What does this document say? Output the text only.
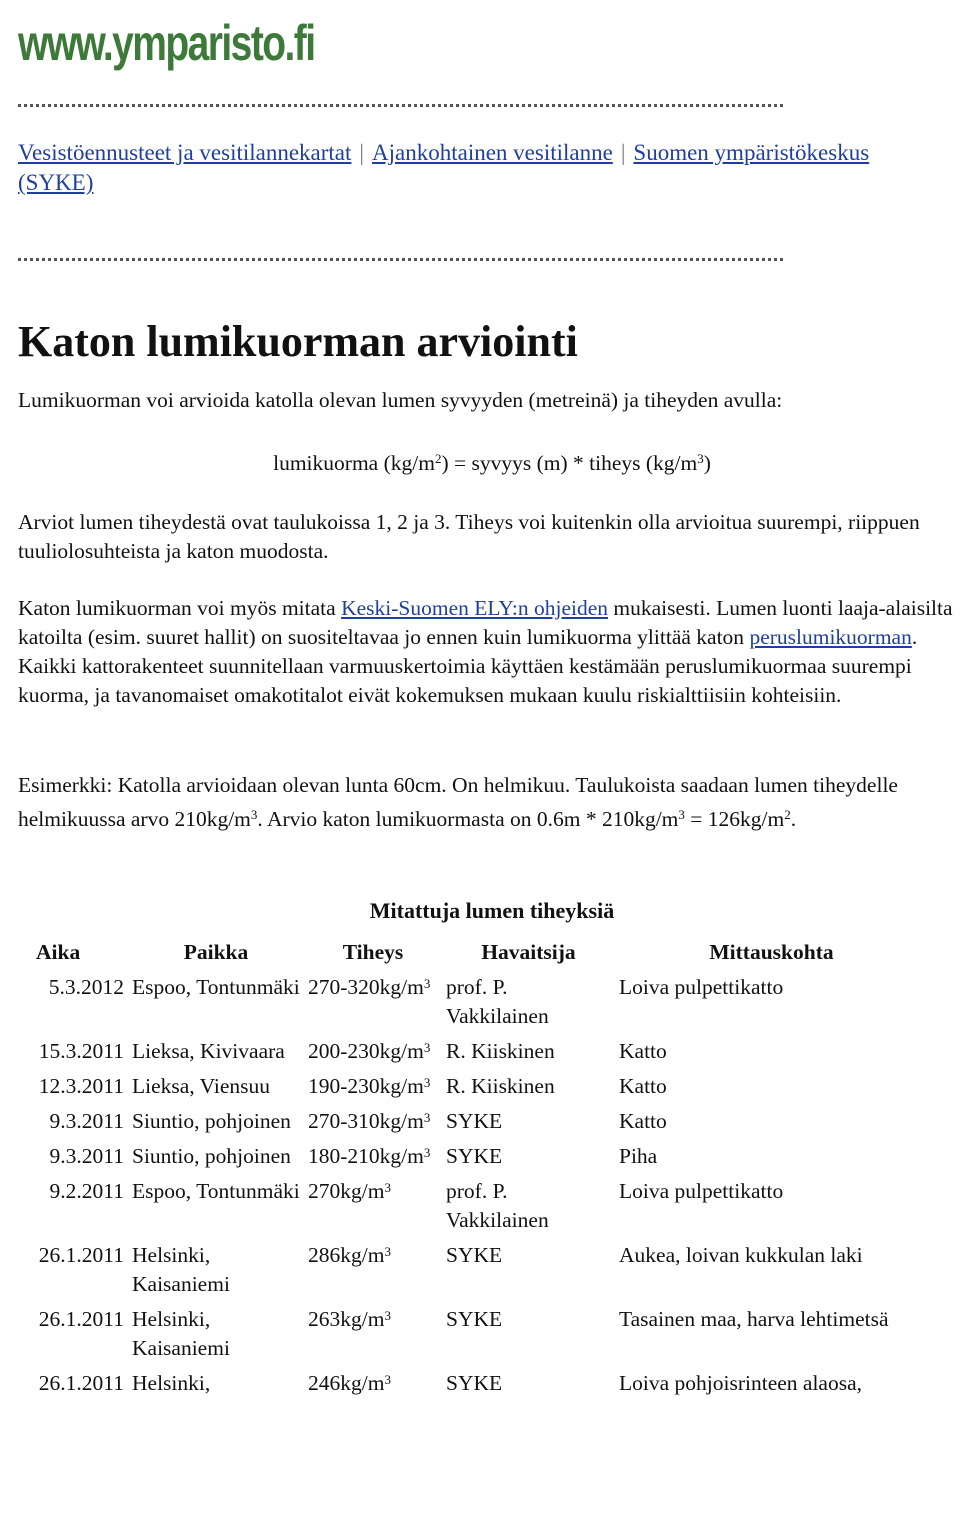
www.ymparisto.fi
Vesistöennusteet ja vesitilannekartat | Ajankohtainen vesitilanne | Suomen ympäristökeskus (SYKE)
Katon lumikuorman arviointi

Lumikuorman voi arvioida katolla olevan lumen syvyyden (metreinä) ja tiheyden avulla:

lumikuorma $(kg/m^2)$ = syvyys (m) * tiheys $(kg/m^3)$

Arviot lumen tiheydestä ovat taulukoissa 1, 2 ja 3. Tiheys voi kuitenkin olla arvioitua suurempi, riippuen tuuliolosuhteista ja katon muodosta.

Katon lumikuorman voi myös mitata Keski-Suomen ELY:n ohjeiden mukaisesti. Lumen luonti laaja-alaisilta katoilta (esim. suuret hallit) on suositeltavaa jo ennen kuin lumikuorma ylittää katon peruslumikuorman. Kaikki kattorakenteet suunnitellaan varmuuskertoimia käyttäen kestämään peruslumikuormaa suurempi kuorma, ja tavanomaiset omakotitalot eivät kokemuksen mukaan kuulu riskialttiisiin kohteisiin.

Esimerkki: Katolla arvioidaan olevan lunta 60cm. On helmikuu. Taulukoista saadaan lumen tiheydelle helmikuussa arvo $210kg/m^3$. Arvio katon lumikuormasta on $0.6m * 210kg/m^3 = 126kg/m^2$.

Mitattuja lumen tiheyksiä
Aika	Paikka	Tiheys	Havaitsija	Mittauskohta
5.3.2012	Espoo, Tontunmäki	$270-320kg/m^3$	prof. P. Vakkilainen	Loiva pulpettikatto
15.3.2011	Lieksa, Kivivaara	$200-230kg/m^3$	R. Kiiskinen	Katto
12.3.2011	Lieksa, Viensuu	$190-230kg/m^3$	R. Kiiskinen	Katto
9.3.2011	Siuntio, pohjoinen	$270-310kg/m^3$	SYKE	Katto
9.3.2011	Siuntio, pohjoinen	$180-210kg/m^3$	SYKE	Piha
9.2.2011	Espoo, Tontunmäki	$270kg/m^3$	prof. P. Vakkilainen	Loiva pulpettikatto
26.1.2011	Helsinki, Kaisaniemi	$286kg/m^3$	SYKE	Aukea, loivan kukkulan laki
26.1.2011	Helsinki, Kaisaniemi	$263kg/m^3$	SYKE	Tasainen maa, harva lehtimetsä
26.1.2011	Helsinki,	$246kg/m^3$	SYKE	Loiva pohjoisrinteen alaosa,
